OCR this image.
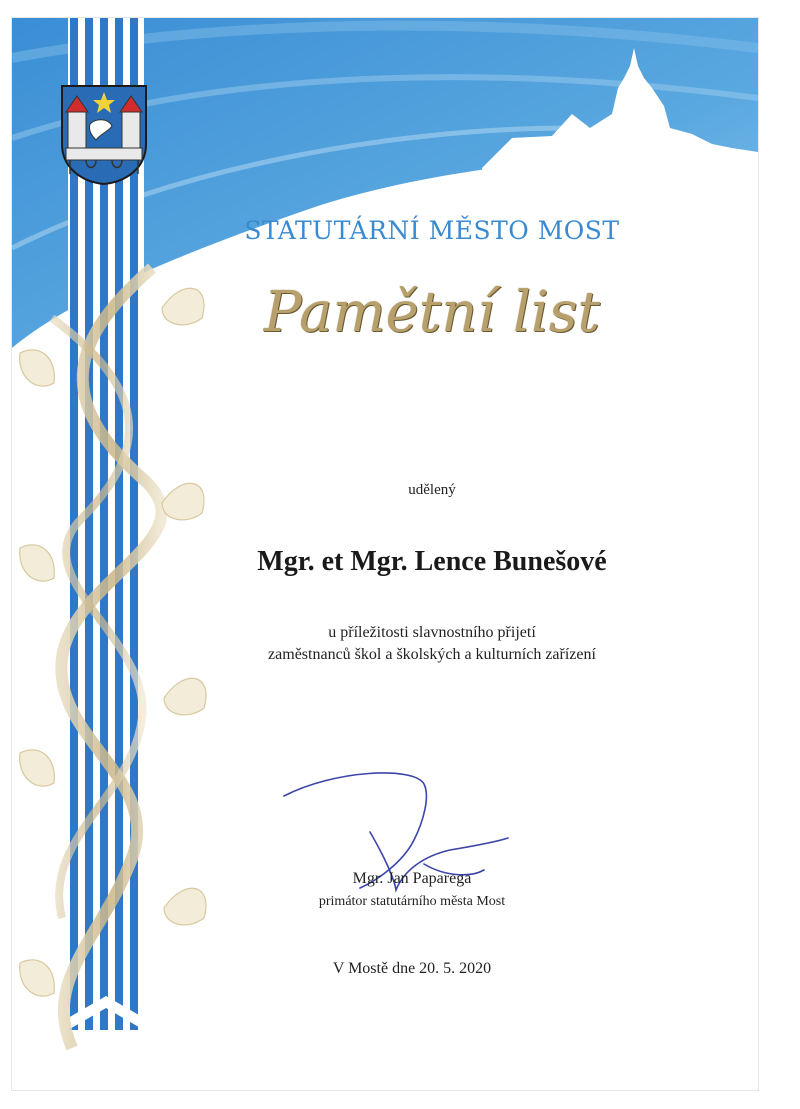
STATUTÁRNÍ MĚSTO MOST

Pamětní list

udělený

Mgr. et Mgr. Lence Bunešové

u příležitosti slavnostního přijetí
zaměstnanců škol a školských a kulturních zařízení

Mgr. Jan Paparega

primátor statutárního města Most

V Mostě dne 20. 5. 2020
